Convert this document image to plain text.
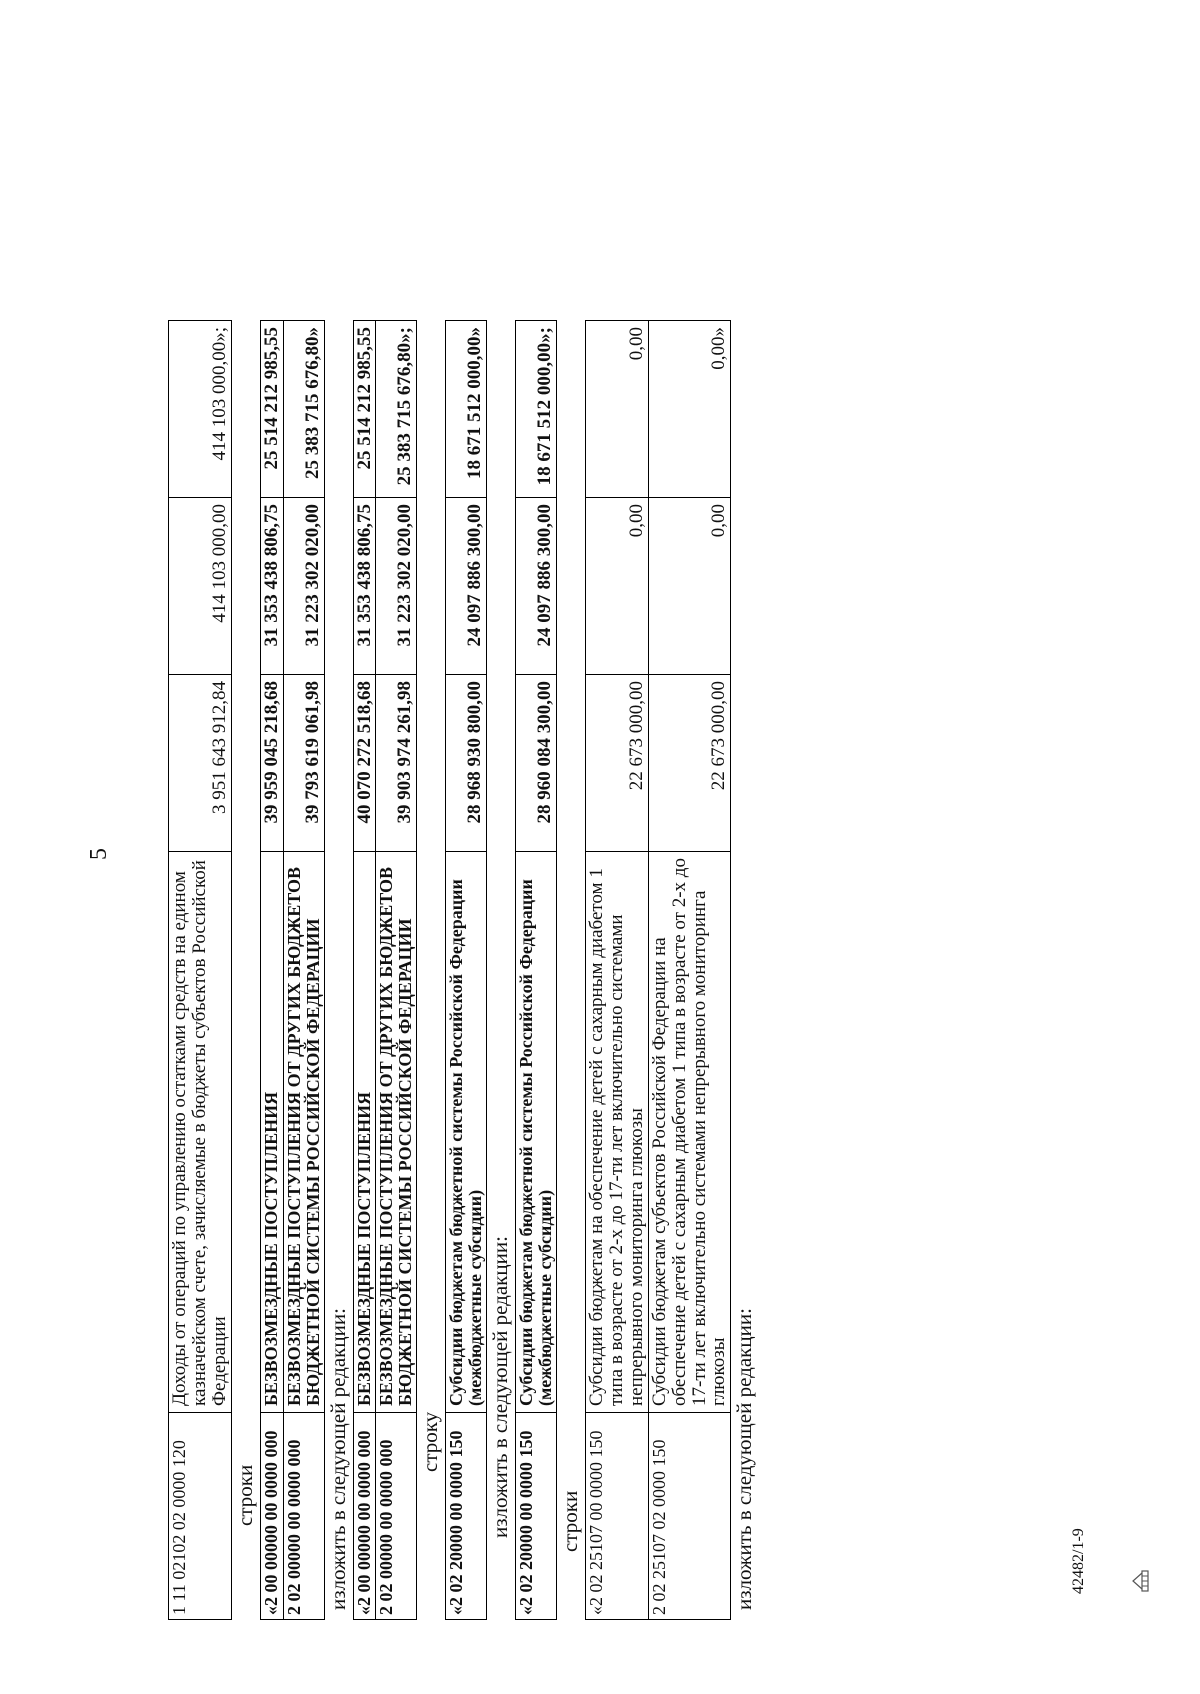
5
1 11 02102 02 0000 120	Доходы от операций по управлению остатками средств на едином казначейском счете, зачисляемые в бюджеты субъектов Российской Федерации	3 951 643 912,84	414 103 000,00	414 103 000,00»;
строки «2 00 00000 00 0000 000	БЕЗВОЗМЕЗДНЫЕ ПОСТУПЛЕНИЯ	39 959 045 218,68	31 353 438 806,75	25 514 212 985,55
2 02 00000 00 0000 000	БЕЗВОЗМЕЗДНЫЕ ПОСТУПЛЕНИЯ ОТ ДРУГИХ БЮДЖЕТОВ БЮДЖЕТНОЙ СИСТЕМЫ РОССИЙСКОЙ ФЕДЕРАЦИИ	39 793 619 061,98	31 223 302 020,00	25 383 715 676,80»
изложить в следующей редакции: «2 00 00000 00 0000 000	БЕЗВОЗМЕЗДНЫЕ ПОСТУПЛЕНИЯ	40 070 272 518,68	31 353 438 806,75	25 514 212 985,55
2 02 00000 00 0000 000	БЕЗВОЗМЕЗДНЫЕ ПОСТУПЛЕНИЯ ОТ ДРУГИХ БЮДЖЕТОВ БЮДЖЕТНОЙ СИСТЕМЫ РОССИЙСКОЙ ФЕДЕРАЦИИ	39 903 974 261,98	31 223 302 020,00	25 383 715 676,80»;
строку «2 02 20000 00 0000 150	Субсидии бюджетам бюджетной системы Российской Федерации (межбюджетные субсидии)	28 968 930 800,00	24 097 886 300,00	18 671 512 000,00»
изложить в следующей редакции: «2 02 20000 00 0000 150	Субсидии бюджетам бюджетной системы Российской Федерации (межбюджетные субсидии)	28 960 084 300,00	24 097 886 300,00	18 671 512 000,00»;
строки «2 02 25107 00 0000 150	Субсидии бюджетам на обеспечение детей с сахарным диабетом 1 типа в возрасте от 2-х до 17-ти лет включительно системами непрерывного мониторинга глюкозы	22 673 000,00	0,00	0,00
2 02 25107 02 0000 150	Субсидии бюджетам субъектов Российской Федерации на обеспечение детей с сахарным диабетом 1 типа в возрасте от 2-х до 17-ти лет включительно системами непрерывного мониторинга глюкозы	22 673 000,00	0,00	0,00»
изложить в следующей редакции:	42482/1-9
